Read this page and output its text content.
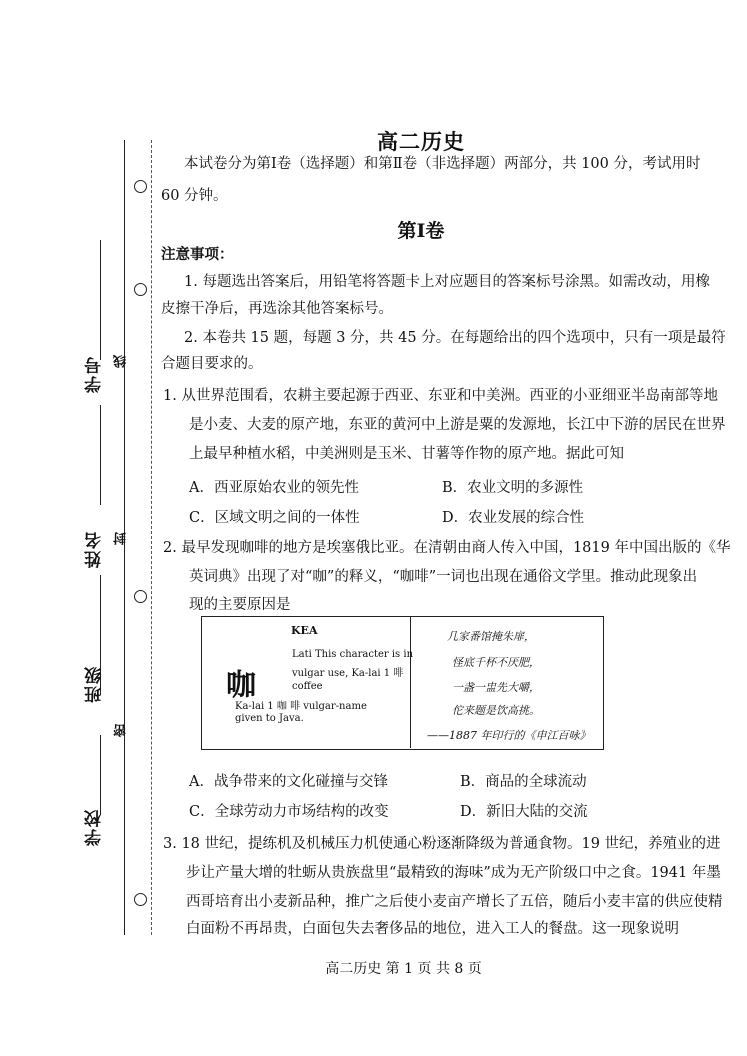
学号
姓名
班级
学校
线
封
密
高二历史
本试卷分为第Ⅰ卷（选择题）和第Ⅱ卷（非选择题）两部分，共 100 分，考试用时
60 分钟。
第Ⅰ卷
注意事项：
1. 每题选出答案后，用铅笔将答题卡上对应题目的答案标号涂黑。如需改动，用橡
皮擦干净后，再选涂其他答案标号。
2. 本卷共 15 题，每题 3 分，共 45 分。在每题给出的四个选项中，只有一项是最符
合题目要求的。
1. 从世界范围看，农耕主要起源于西亚、东亚和中美洲。西亚的小亚细亚半岛南部等地
是小麦、大麦的原产地，东亚的黄河中上游是粟的发源地，长江中下游的居民在世界
上最早种植水稻，中美洲则是玉米、甘薯等作物的原产地。据此可知
A．西亚原始农业的领先性	B．农业文明的多源性
C．区域文明之间的一体性	D．农业发展的综合性
2. 最早发现咖啡的地方是埃塞俄比亚。在清朝由商人传入中国，1819 年中国出版的《华
英词典》出现了对“咖”的释义，“咖啡”一词也出现在通俗文学里。推动此现象出
现的主要原因是
KEA
咖
Lati This character is in
vulgar use, Ka-lai 1 啡
coffee
Ka-lai 1 咖 啡 vulgar-name
given to Java.
几家番馆掩朱扉，
怪底千杯不厌肥，
一盏一盅先大嚼，
佗来题是饮高挑。
——1887 年印行的《申江百咏》
A．战争带来的文化碰撞与交锋	B．商品的全球流动
C．全球劳动力市场结构的改变	D．新旧大陆的交流
3. 18 世纪，提练机及机械压力机使通心粉逐渐降级为普通食物。19 世纪，养殖业的进
步让产量大增的牡蛎从贵族盘里“最精致的海味”成为无产阶级口中之食。1941 年墨
西哥培育出小麦新品种，推广之后使小麦亩产增长了五倍，随后小麦丰富的供应使精
白面粉不再昂贵，白面包失去奢侈品的地位，进入工人的餐盘。这一现象说明
高二历史 第 1 页 共 8 页
